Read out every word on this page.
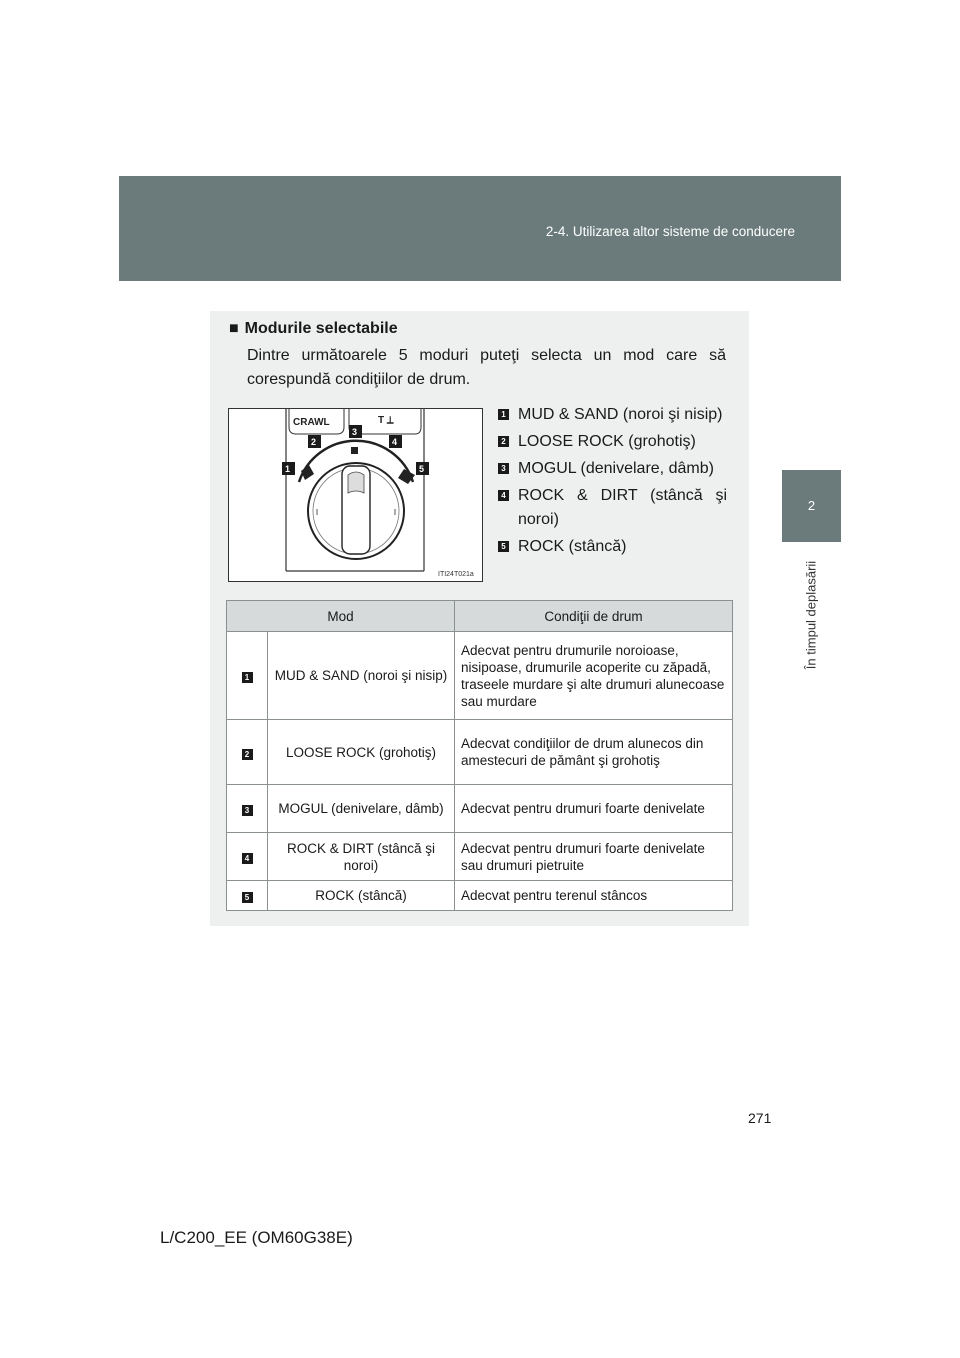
2-4. Utilizarea altor sisteme de conducere
2
În timpul deplasării
■ Modurile selectabile
Dintre următoarele 5 moduri puteţi selecta un mod care să corespundă condiţiilor de drum.
CRAWL	T ⟂
1
2
3
4
5
ITI24T021a
1 MUD & SAND (noroi şi nisip)
2 LOOSE ROCK (grohotiş)
3 MOGUL (denivelare, dâmb)
4 ROCK & DIRT (stâncă şi noroi)
5 ROCK (stâncă)
Mod		Condiţii de drum
1	MUD & SAND (noroi şi nisip)	Adecvat pentru drumurile noroioase, nisipoase, drumurile acoperite cu zăpadă, traseele murdare şi alte drumuri alunecoase sau murdare
2	LOOSE ROCK (grohotiş)	Adecvat condiţiilor de drum alunecos din amestecuri de pământ şi grohotiş
3	MOGUL (denivelare, dâmb)	Adecvat pentru drumuri foarte denivelate
4	ROCK & DIRT (stâncă şi noroi)	Adecvat pentru drumuri foarte denivelate sau drumuri pietruite
5	ROCK (stâncă)	Adecvat pentru terenul stâncos
271
L/C200_EE (OM60G38E)
